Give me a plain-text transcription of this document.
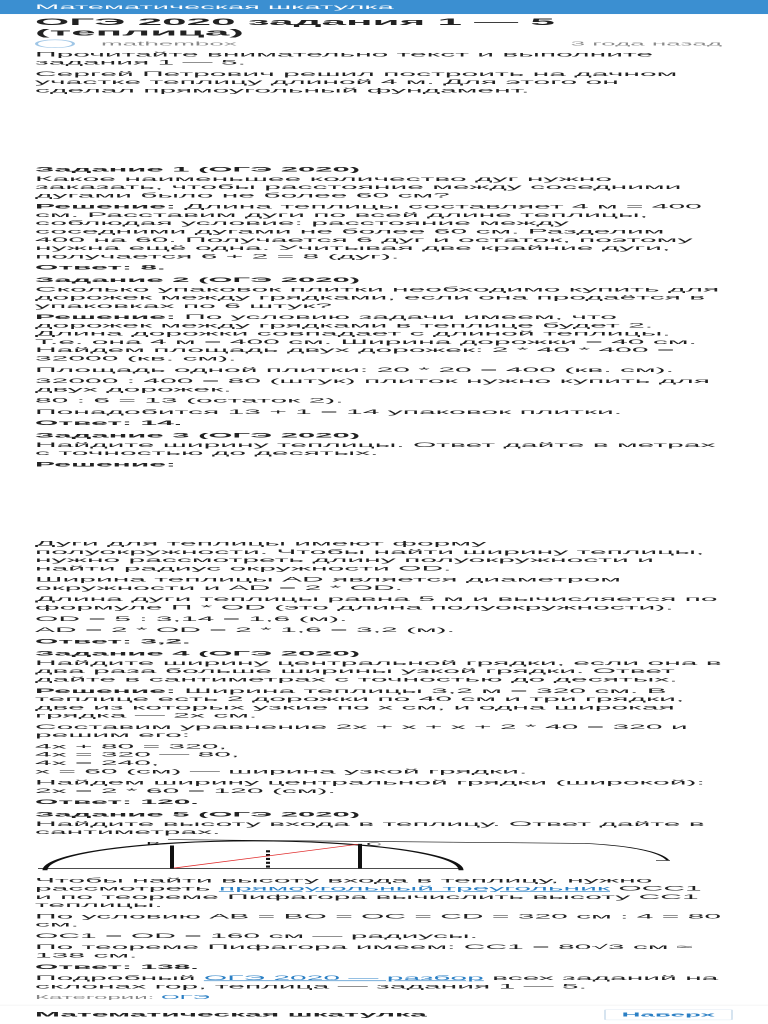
Математическая шкатулка
ОГЭ 2020 задания 1 — 5 (теплица)
mathembox	3 года назад

Прочитайте внимательно текст и выполните задания 1 — 5.

Сергей Петрович решил построить на дачном участке теплицу длиной 4 м. Для этого он сделал прямоугольный фундамент.

Задание 1 (ОГЭ 2020)

Какое наименьшее количество дуг нужно заказать, чтобы расстояние между соседними дугами было не более 60 см?

Решение: Длина теплицы составляет 4 м = 400 см. Расставим дуги по всей длине теплицы, соблюдая условие: расстояние между соседними дугами не более 60 см. Разделим 400 на 60. Получается 6 дуг и остаток, поэтому нужна ещё одна. Учитывая две крайние дуги, получается 6 + 2 = 8 (дуг).

Ответ: 8.

Задание 2 (ОГЭ 2020)

Сколько упаковок плитки необходимо купить для дорожек между грядками, если она продаётся в упаковках по 6 штук?

Решение: По условию задачи имеем, что дорожек между грядками в теплице будет 2. Длина дорожки совпадает с длиной теплицы. Т.е. она 4 м = 400 см. Ширина дорожки = 40 см. Найдем площадь двух дорожек: 2 * 40 * 400 = 32000 (кв. см).

Площадь одной плитки: 20 * 20 = 400 (кв. см).

32000 : 400 = 80 (штук) плиток нужно купить для двух дорожек.

80 : 6 = 13 (остаток 2).

Понадобится 13 + 1 = 14 упаковок плитки.

Ответ: 14.

Задание 3 (ОГЭ 2020)

Найдите ширину теплицы. Ответ дайте в метрах с точностью до десятых.

Решение:

Дуги для теплицы имеют форму полуокружности. Чтобы найти ширину теплицы, нужно рассмотреть длину полуокружности и найти радиус окружности OD.

Ширина теплицы AD является диаметром окружности и AD = 2 * OD.

Длина дуги теплицы равна 5 м и вычисляется по формуле П * OD (это длина полуокружности).

OD = 5 : 3,14 = 1,6 (м).

AD = 2 * OD = 2 * 1,6 = 3,2 (м).

Ответ: 3,2.

Задание 4 (ОГЭ 2020)

Найдите ширину центральной грядки, если она в два раза больше ширины узкой грядки. Ответ дайте в сантиметрах с точностью до десятых.

Решение: Ширина теплицы 3,2 м = 320 см. В теплице есть 2 дорожки по 40 см и три грядки, две из которых узкие по x см, и одна широкая грядка — 2x см.

Составим уравнение 2x + x + x + 2 * 40 = 320 и решим его:

4x + 80 = 320,
4x = 320 — 80,
4x = 240,
x = 60 (см) — ширина узкой грядки.

Найдем ширину центральной грядки (широкой): 2x = 2 * 60 = 120 (см).

Ответ: 120.

Задание 5 (ОГЭ 2020)

Найдите высоту входа в теплицу. Ответ дайте в сантиметрах.

B	C

Чтобы найти высоту входа в теплицу, нужно рассмотреть прямоугольный треугольник OCC1 и по теореме Пифагора вычислить высоту CC1 теплицы.

По условию AB = BO = OC = CD = 320 см : 4 = 80 см.

OC1 = OD = 160 см — радиусы.

По теореме Пифагора имеем: CC1 = 80√3 см ≈ 138 см.

Ответ: 138.

Подробный ОГЭ 2020 — разбор всех заданий на склонах гор, теплица — задания 1 — 5.

Категории: ОГЭ
Математическая шкатулка	Наверх
